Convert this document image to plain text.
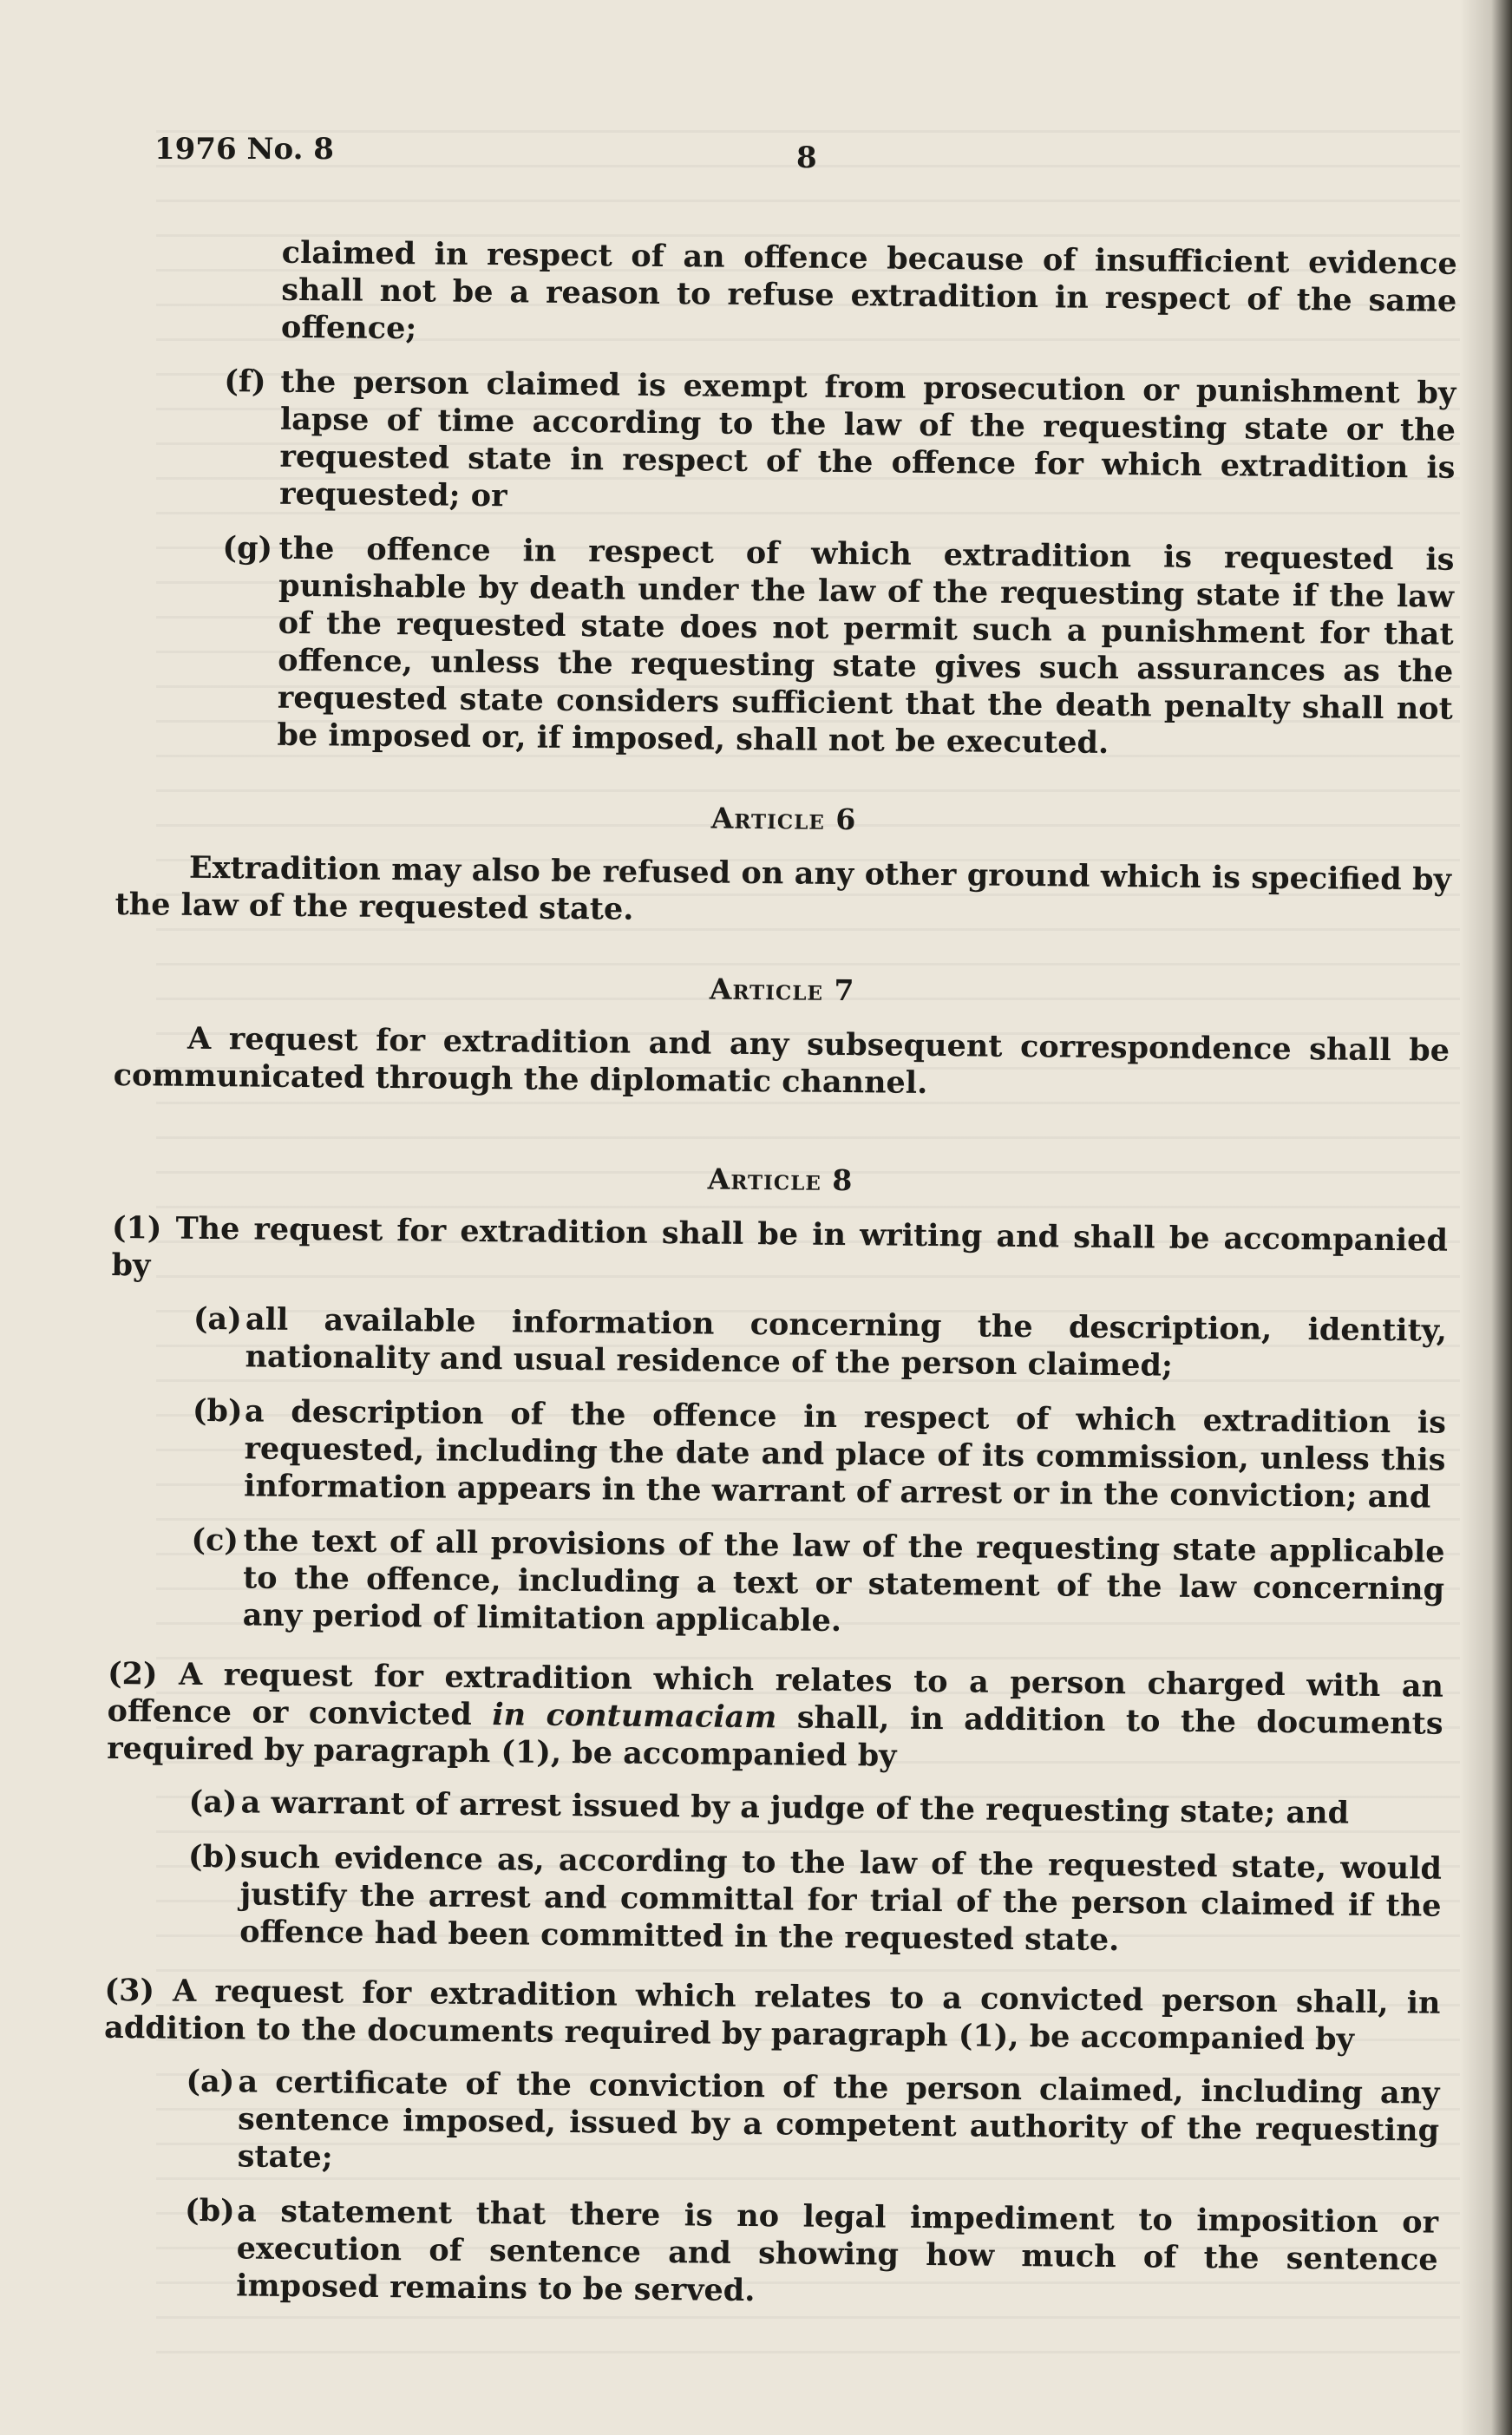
1976 No. 8	8

claimed in respect of an offence because of insufficient evidence shall not be a reason to refuse extradition in respect of the same offence;

(f) the person claimed is exempt from prosecution or punishment by lapse of time according to the law of the requesting state or the requested state in respect of the offence for which extradition is requested; or
(g) the offence in respect of which extradition is requested is punishable by death under the law of the requesting state if the law of the requested state does not permit such a punishment for that offence, unless the requesting state gives such assurances as the requested state considers sufficient that the death penalty shall not be imposed or, if imposed, shall not be executed.
Article 6

Extradition may also be refused on any other ground which is specified by the law of the requested state.

Article 7

A request for extradition and any subsequent correspondence shall be communicated through the diplomatic channel.

Article 8

(1) The request for extradition shall be in writing and shall be accompanied by

(a) all available information concerning the description, identity, nationality and usual residence of the person claimed;
(b) a description of the offence in respect of which extradition is requested, including the date and place of its commission, unless this information appears in the warrant of arrest or in the conviction; and
(c) the text of all provisions of the law of the requesting state applicable to the offence, including a text or statement of the law concerning any period of limitation applicable.

(2) A request for extradition which relates to a person charged with an offence or convicted in contumaciam shall, in addition to the documents required by paragraph (1), be accompanied by

(a) a warrant of arrest issued by a judge of the requesting state; and
(b) such evidence as, according to the law of the requested state, would justify the arrest and committal for trial of the person claimed if the offence had been committed in the requested state.

(3) A request for extradition which relates to a convicted person shall, in addition to the documents required by paragraph (1), be accompanied by

(a) a certificate of the conviction of the person claimed, including any sentence imposed, issued by a competent authority of the requesting state;
(b) a statement that there is no legal impediment to imposition or execution of sentence and showing how much of the sentence imposed remains to be served.
